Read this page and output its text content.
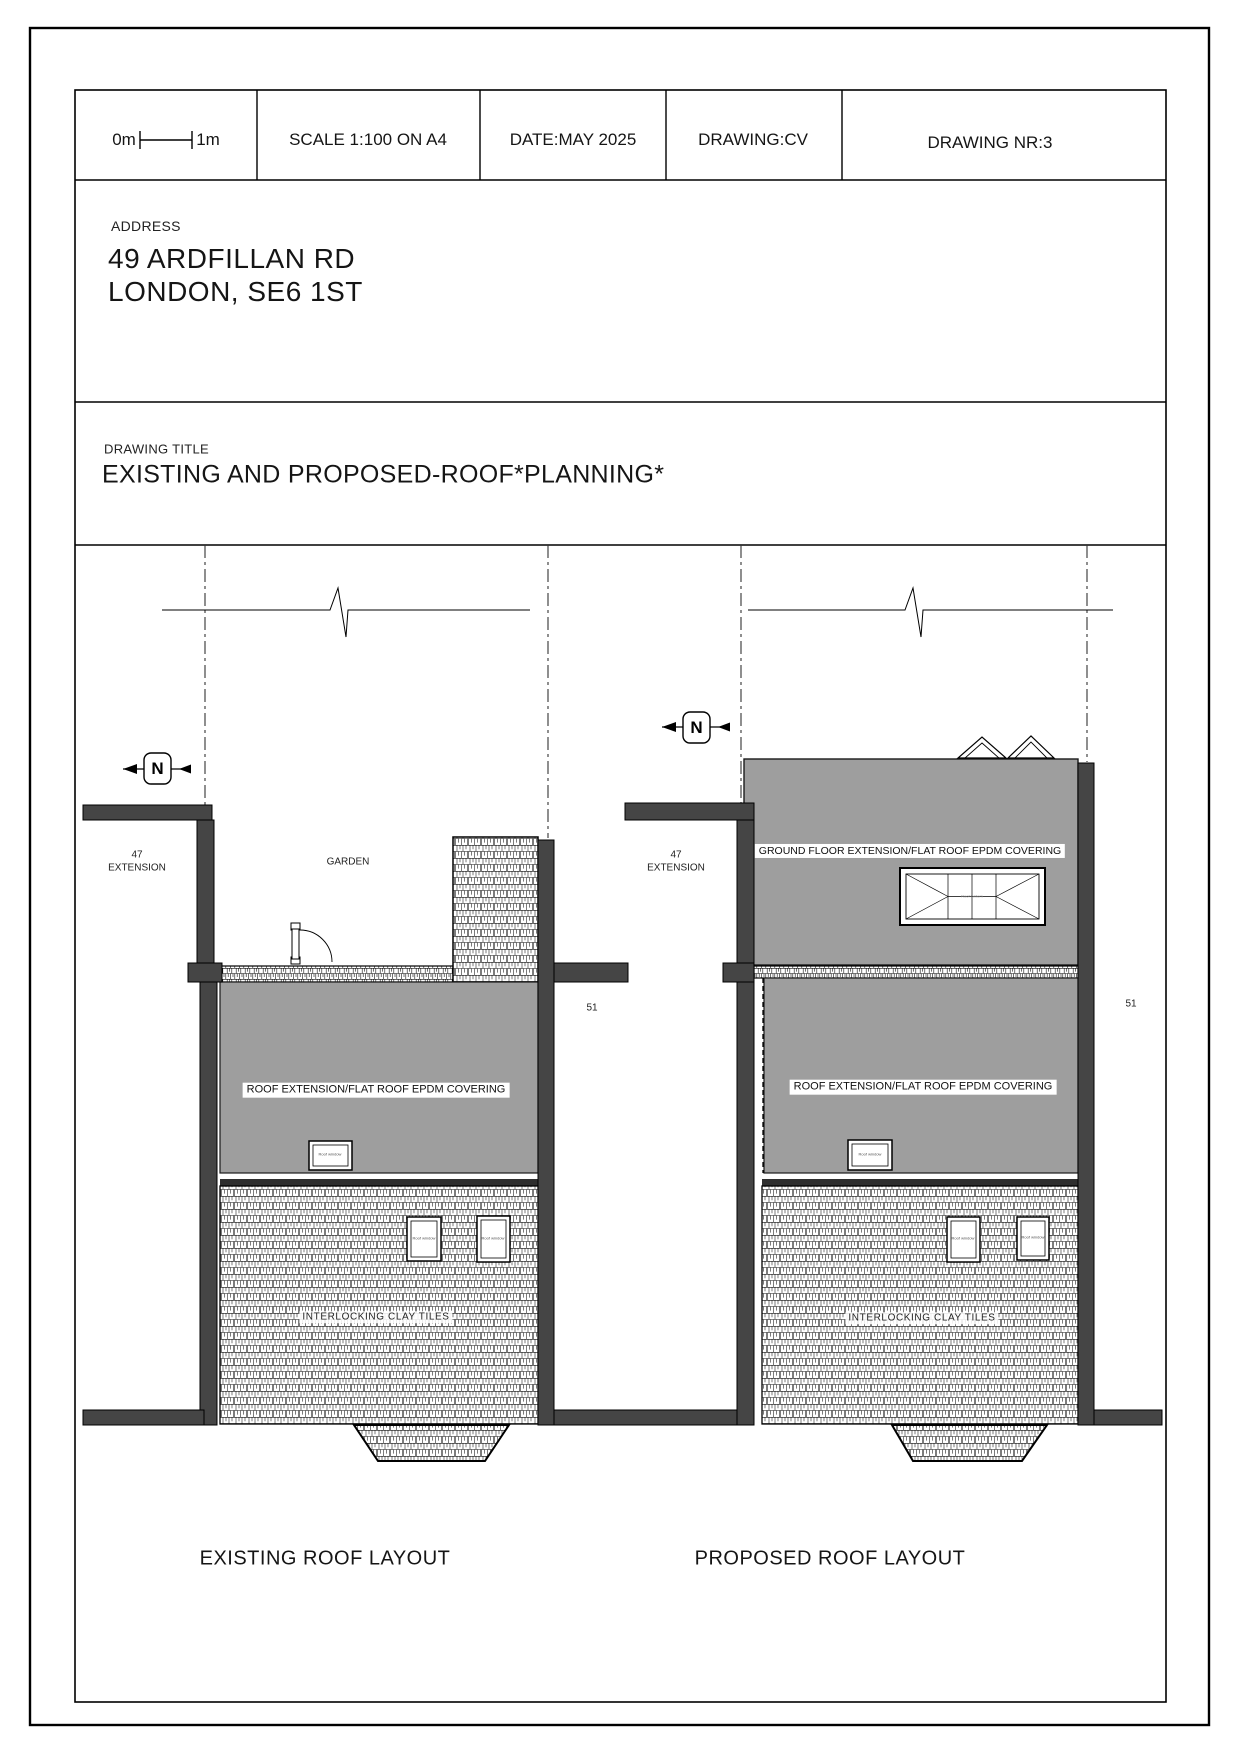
0m	1m	SCALE 1:100 ON A4	DATE:MAY 2025	DRAWING:CV	DRAWING NR:3
ADDRESS
49 ARDFILLAN RD
LONDON, SE6 1ST
DRAWING TITLE
EXISTING AND PROPOSED-ROOF*PLANNING*
N
47
EXTENSION
GARDEN
51
ROOF EXTENSION/FLAT ROOF EPDM COVERING
INTERLOCKING CLAY TILES
Roof window
Roof window	Roof window
EXISTING ROOF LAYOUT
N
47
EXTENSION
51
GROUND FLOOR EXTENSION/FLAT ROOF EPDM COVERING
Roof lantern
ROOF EXTENSION/FLAT ROOF EPDM COVERING
INTERLOCKING CLAY TILES
Roof window
Roof window	Roof window
PROPOSED ROOF LAYOUT
